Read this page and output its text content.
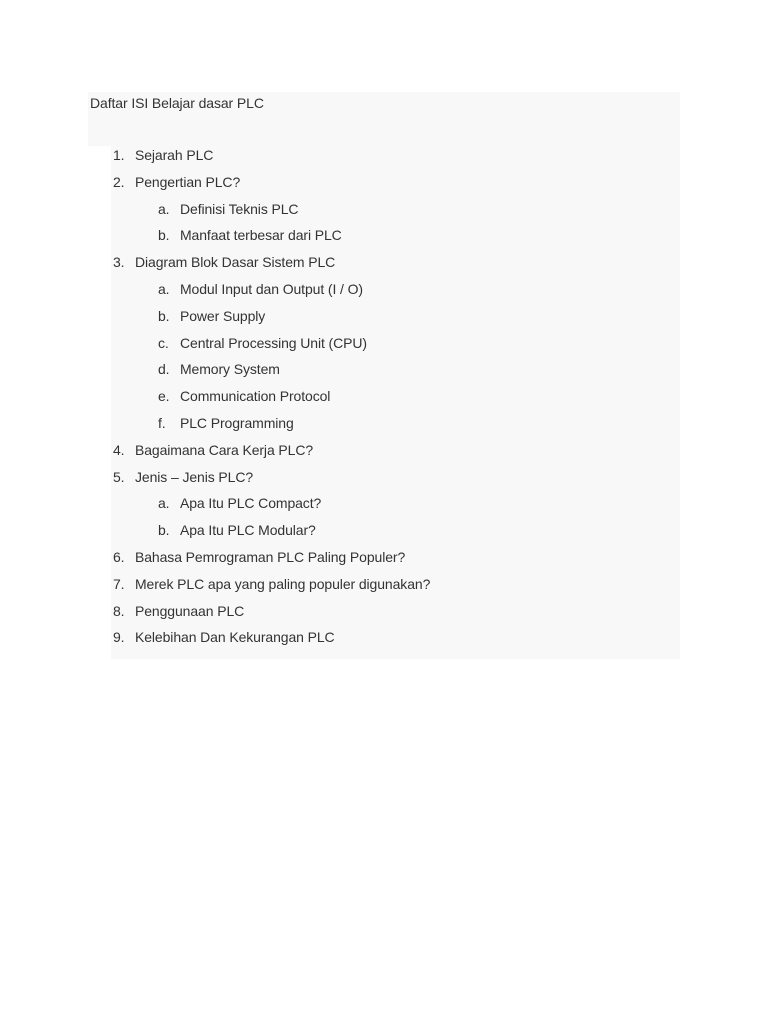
Daftar ISI Belajar dasar PLC
1. Sejarah PLC
2. Pengertian PLC?
a. Definisi Teknis PLC
b. Manfaat terbesar dari PLC
3. Diagram Blok Dasar Sistem PLC
a. Modul Input dan Output (I / O)
b. Power Supply
c. Central Processing Unit (CPU)
d. Memory System
e. Communication Protocol
f. PLC Programming
4. Bagaimana Cara Kerja PLC?
5. Jenis – Jenis PLC?
a. Apa Itu PLC Compact?
b. Apa Itu PLC Modular?
6. Bahasa Pemrograman PLC Paling Populer?
7. Merek PLC apa yang paling populer digunakan?
8. Penggunaan PLC
9. Kelebihan Dan Kekurangan PLC
